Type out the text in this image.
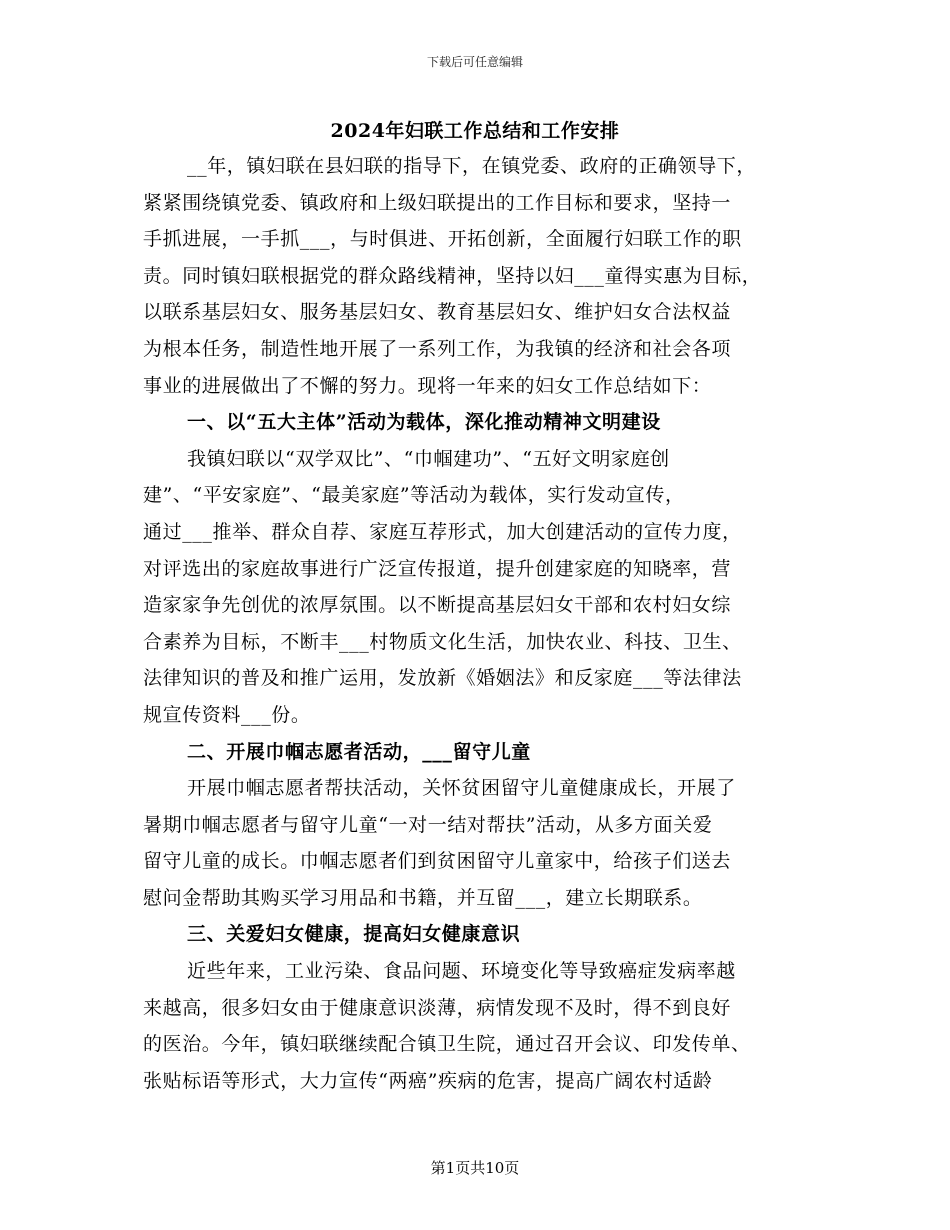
下载后可任意编辑
2024年妇联工作总结和工作安排
__年，镇妇联在县妇联的指导下，在镇党委、政府的正确领导下，
紧紧围绕镇党委、镇政府和上级妇联提出的工作目标和要求，坚持一
手抓进展，一手抓___，与时俱进、开拓创新，全面履行妇联工作的职
责。同时镇妇联根据党的群众路线精神，坚持以妇___童得实惠为目标，
以联系基层妇女、服务基层妇女、教育基层妇女、维护妇女合法权益
为根本任务，制造性地开展了一系列工作，为我镇的经济和社会各项
事业的进展做出了不懈的努力。现将一年来的妇女工作总结如下：
一、以“五大主体”活动为载体，深化推动精神文明建设
我镇妇联以“双学双比”、“巾帼建功”、“五好文明家庭创
建”、“平安家庭”、“最美家庭”等活动为载体，实行发动宣传，
通过___推举、群众自荐、家庭互荐形式，加大创建活动的宣传力度，
对评选出的家庭故事进行广泛宣传报道，提升创建家庭的知晓率，营
造家家争先创优的浓厚氛围。以不断提高基层妇女干部和农村妇女综
合素养为目标，不断丰___村物质文化生活，加快农业、科技、卫生、
法律知识的普及和推广运用，发放新《婚姻法》和反家庭___等法律法
规宣传资料___份。
二、开展巾帼志愿者活动，___留守儿童
开展巾帼志愿者帮扶活动，关怀贫困留守儿童健康成长，开展了
暑期巾帼志愿者与留守儿童“一对一结对帮扶”活动，从多方面关爱
留守儿童的成长。巾帼志愿者们到贫困留守儿童家中，给孩子们送去
慰问金帮助其购买学习用品和书籍，并互留___，建立长期联系。
三、关爱妇女健康，提高妇女健康意识
近些年来，工业污染、食品问题、环境变化等导致癌症发病率越
来越高，很多妇女由于健康意识淡薄，病情发现不及时，得不到良好
的医治。今年，镇妇联继续配合镇卫生院，通过召开会议、印发传单、
张贴标语等形式，大力宣传“两癌”疾病的危害，提高广阔农村适龄
第1页共10页
